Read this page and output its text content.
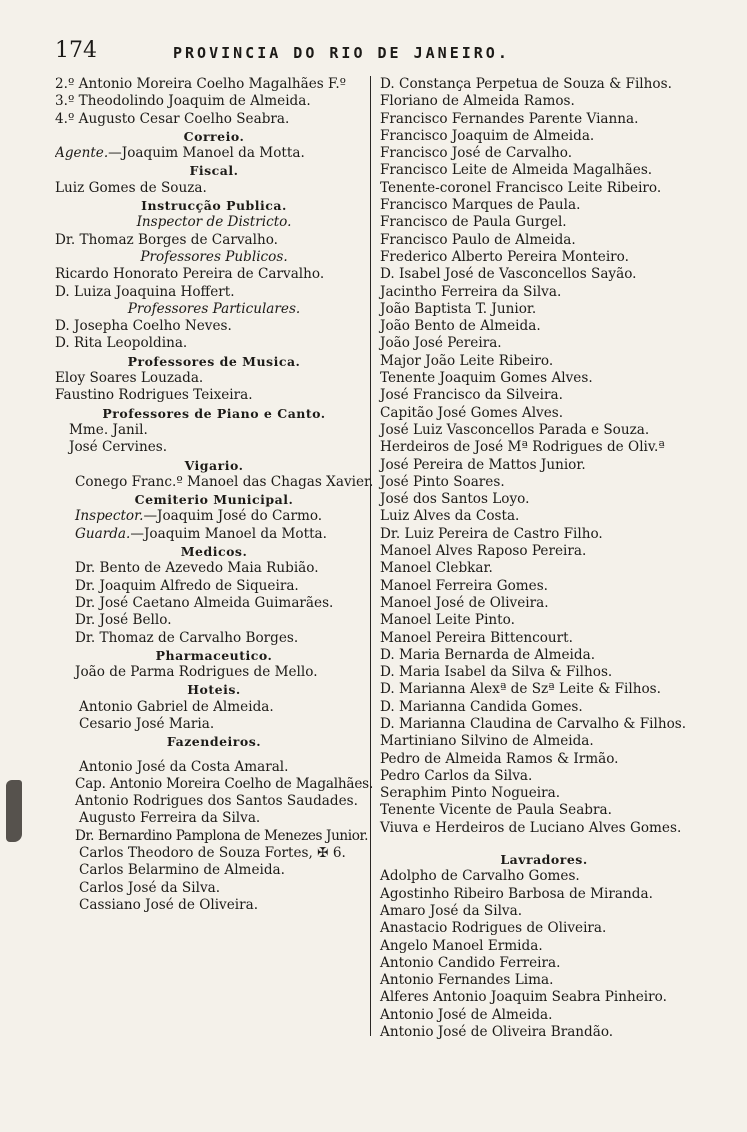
174	PROVINCIA DO RIO DE JANEIRO.
2.º Antonio Moreira Coelho Magalhães F.º
3.º Theodolindo Joaquim de Almeida.
4.º Augusto Cesar Coelho Seabra.
Correio.
Agente.—Joaquim Manoel da Motta.
Fiscal.
Luiz Gomes de Souza.
Instrucção Publica.
Inspector de Districto.
Dr. Thomaz Borges de Carvalho.
Professores Publicos.
Ricardo Honorato Pereira de Carvalho.
D. Luiza Joaquina Hoffert.
Professores Particulares.
D. Josepha Coelho Neves.
D. Rita Leopoldina.
Professores de Musica.
Eloy Soares Louzada.
Faustino Rodrigues Teixeira.
Professores de Piano e Canto.
Mme. Janil.
José Cervines.
Vigario.
Conego Franc.º Manoel das Chagas Xavier.
Cemiterio Municipal.
Inspector.—Joaquim José do Carmo.
Guarda.—Joaquim Manoel da Motta.
Medicos.
Dr. Bento de Azevedo Maia Rubião.
Dr. Joaquim Alfredo de Siqueira.
Dr. José Caetano Almeida Guimarães.
Dr. José Bello.
Dr. Thomaz de Carvalho Borges.
Pharmaceutico.
João de Parma Rodrigues de Mello.
Hoteis.
Antonio Gabriel de Almeida.
Cesario José Maria.
Fazendeiros.
Antonio José da Costa Amaral.
Cap. Antonio Moreira Coelho de Magalhães.
Antonio Rodrigues dos Santos Saudades.
Augusto Ferreira da Silva.
Dr. Bernardino Pamplona de Menezes Junior.
Carlos Theodoro de Souza Fortes, ✠ 6.
Carlos Belarmino de Almeida.
Carlos José da Silva.
Cassiano José de Oliveira.
D. Constança Perpetua de Souza & Filhos.
Floriano de Almeida Ramos.
Francisco Fernandes Parente Vianna.
Francisco Joaquim de Almeida.
Francisco José de Carvalho.
Francisco Leite de Almeida Magalhães.
Tenente-coronel Francisco Leite Ribeiro.
Francisco Marques de Paula.
Francisco de Paula Gurgel.
Francisco Paulo de Almeida.
Frederico Alberto Pereira Monteiro.
D. Isabel José de Vasconcellos Sayão.
Jacintho Ferreira da Silva.
João Baptista T. Junior.
João Bento de Almeida.
João José Pereira.
Major João Leite Ribeiro.
Tenente Joaquim Gomes Alves.
José Francisco da Silveira.
Capitão José Gomes Alves.
José Luiz Vasconcellos Parada e Souza.
Herdeiros de José Mª Rodrigues de Oliv.ª
José Pereira de Mattos Junior.
José Pinto Soares.
José dos Santos Loyo.
Luiz Alves da Costa.
Dr. Luiz Pereira de Castro Filho.
Manoel Alves Raposo Pereira.
Manoel Clebkar.
Manoel Ferreira Gomes.
Manoel José de Oliveira.
Manoel Leite Pinto.
Manoel Pereira Bittencourt.
D. Maria Bernarda de Almeida.
D. Maria Isabel da Silva & Filhos.
D. Marianna Alexª de Szª Leite & Filhos.
D. Marianna Candida Gomes.
D. Marianna Claudina de Carvalho & Filhos.
Martiniano Silvino de Almeida.
Pedro de Almeida Ramos & Irmão.
Pedro Carlos da Silva.
Seraphim Pinto Nogueira.
Tenente Vicente de Paula Seabra.
Viuva e Herdeiros de Luciano Alves Gomes.
Lavradores.
Adolpho de Carvalho Gomes.
Agostinho Ribeiro Barbosa de Miranda.
Amaro José da Silva.
Anastacio Rodrigues de Oliveira.
Angelo Manoel Ermida.
Antonio Candido Ferreira.
Antonio Fernandes Lima.
Alferes Antonio Joaquim Seabra Pinheiro.
Antonio José de Almeida.
Antonio José de Oliveira Brandão.
